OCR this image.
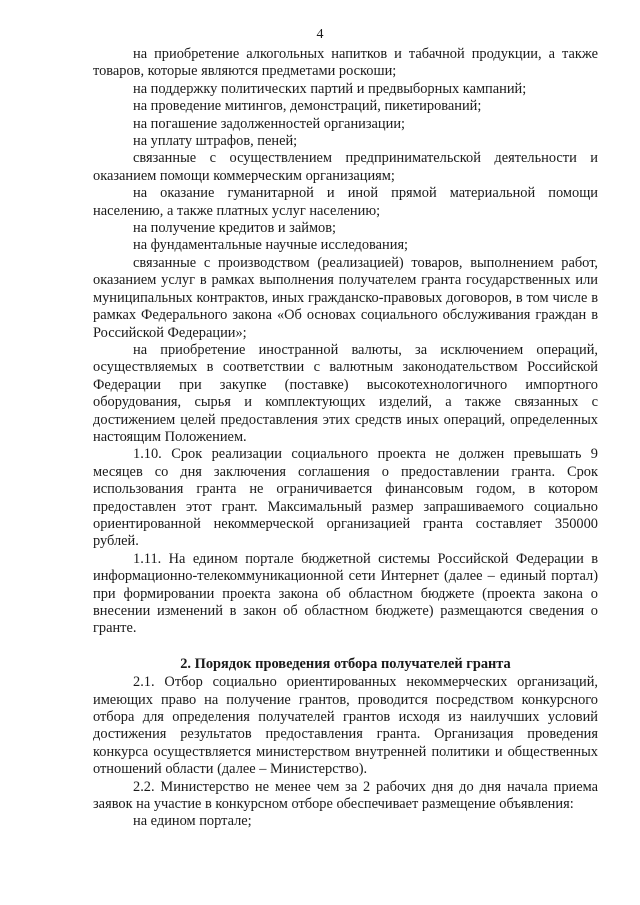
4

на приобретение алкогольных напитков и табачной продукции, а также товаров, которые являются предметами роскоши;

на поддержку политических партий и предвыборных кампаний;

на проведение митингов, демонстраций, пикетирований;

на погашение задолженностей организации;

на уплату штрафов, пеней;

связанные с осуществлением предпринимательской деятельности и оказанием помощи коммерческим организациям;

на оказание гуманитарной и иной прямой материальной помощи населению, а также платных услуг населению;

на получение кредитов и займов;

на фундаментальные научные исследования;

связанные с производством (реализацией) товаров, выполнением работ, оказанием услуг в рамках выполнения получателем гранта государственных или муниципальных контрактов, иных гражданско-правовых договоров, в том числе в рамках Федерального закона «Об основах социального обслуживания граждан в Российской Федерации»;

на приобретение иностранной валюты, за исключением операций, осуществляемых в соответствии с валютным законодательством Российской Федерации при закупке (поставке) высокотехнологичного импортного оборудования, сырья и комплектующих изделий, а также связанных с достижением целей предоставления этих средств иных операций, определенных настоящим Положением.

1.10. Срок реализации социального проекта не должен превышать 9 месяцев со дня заключения соглашения о предоставлении гранта. Срок использования гранта не ограничивается финансовым годом, в котором предоставлен этот грант. Максимальный размер запрашиваемого социально ориентированной некоммерческой организацией гранта составляет 350000 рублей.

1.11. На едином портале бюджетной системы Российской Федерации в информационно-телекоммуникационной сети Интернет (далее – единый портал) при формировании проекта закона об областном бюджете (проекта закона о внесении изменений в закон об областном бюджете) размещаются сведения о гранте.

2. Порядок проведения отбора получателей гранта

2.1. Отбор социально ориентированных некоммерческих организаций, имеющих право на получение грантов, проводится посредством конкурсного отбора для определения получателей грантов исходя из наилучших условий достижения результатов предоставления гранта. Организация проведения конкурса осуществляется министерством внутренней политики и общественных отношений области (далее – Министерство).

2.2. Министерство не менее чем за 2 рабочих дня до дня начала приема заявок на участие в конкурсном отборе обеспечивает размещение объявления:

на едином портале;
